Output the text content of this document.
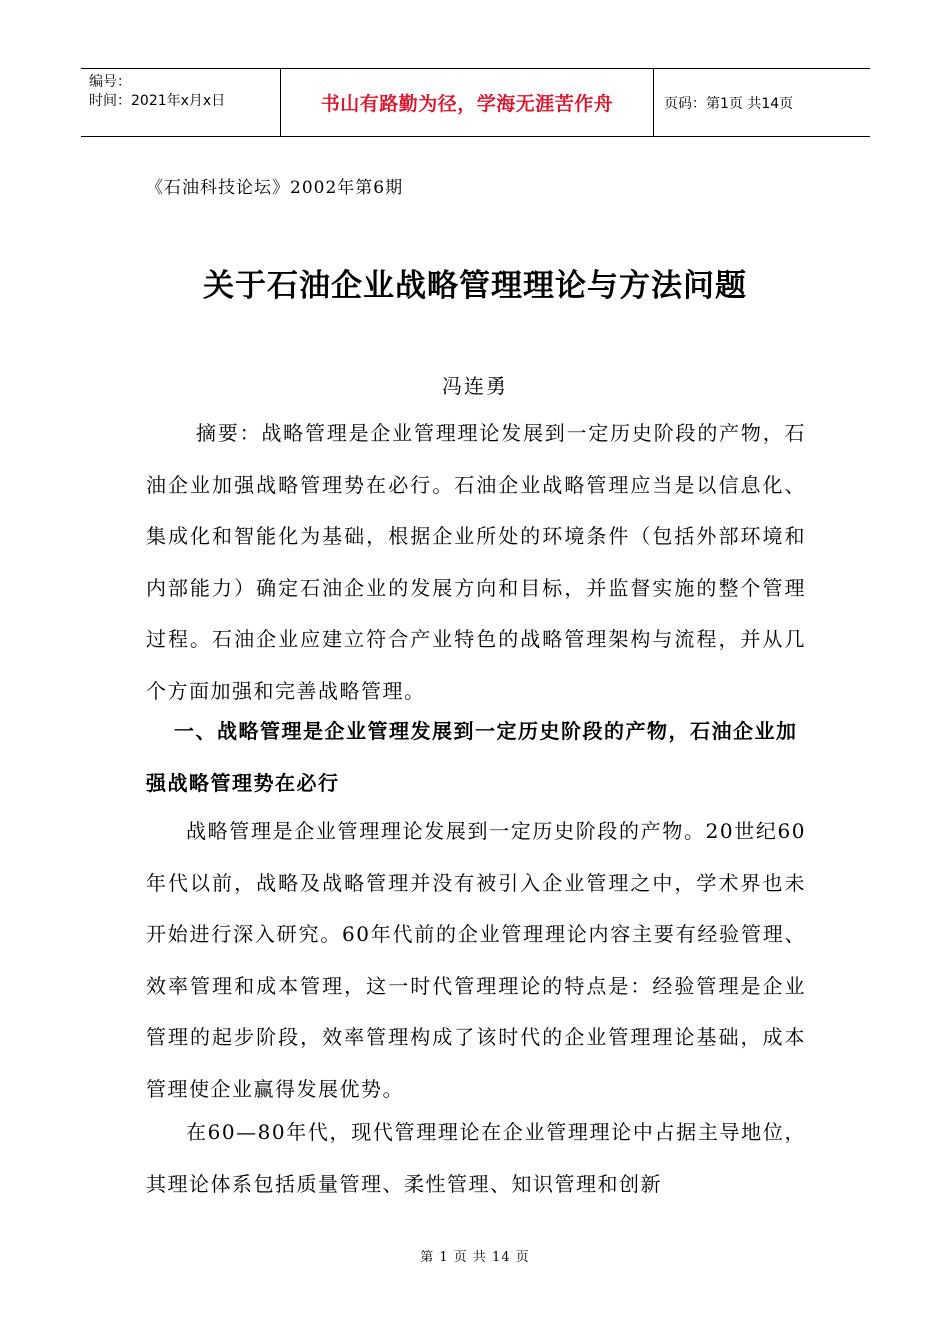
编号：
时间：2021年x月x日	书山有路勤为径，学海无涯苦作舟	页码：第1页 共14页
《石油科技论坛》2002年第6期
关于石油企业战略管理理论与方法问题
冯连勇

摘要：战略管理是企业管理理论发展到一定历史阶段的产物，石油企业加强战略管理势在必行。石油企业战略管理应当是以信息化、集成化和智能化为基础，根据企业所处的环境条件（包括外部环境和内部能力）确定石油企业的发展方向和目标，并监督实施的整个管理过程。石油企业应建立符合产业特色的战略管理架构与流程，并从几个方面加强和完善战略管理。

一、战略管理是企业管理发展到一定历史阶段的产物，石油企业加强战略管理势在必行

战略管理是企业管理理论发展到一定历史阶段的产物。20世纪60年代以前，战略及战略管理并没有被引入企业管理之中，学术界也未开始进行深入研究。60年代前的企业管理理论内容主要有经验管理、效率管理和成本管理，这一时代管理理论的特点是：经验管理是企业管理的起步阶段，效率管理构成了该时代的企业管理理论基础，成本管理使企业赢得发展优势。

在60—80年代，现代管理理论在企业管理理论中占据主导地位，其理论体系包括质量管理、柔性管理、知识管理和创新

第 1 页 共 14 页
